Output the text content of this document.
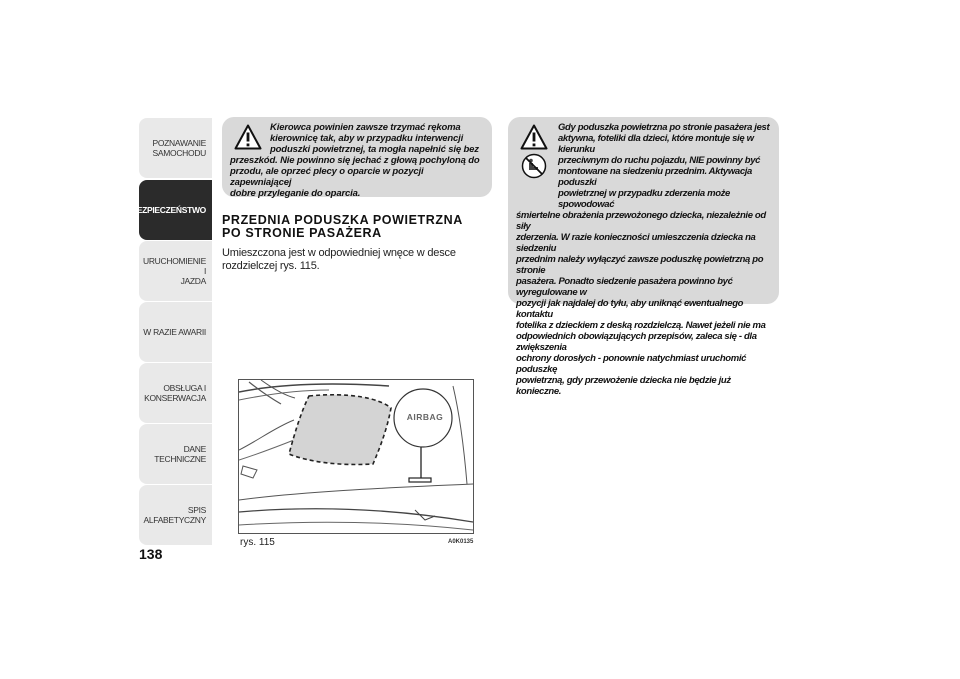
POZNAWANIE
SAMOCHODU
BEZPIECZEŃSTWO
URUCHOMIENIE I
JAZDA
W RAZIE AWARII
OBSŁUGA I
KONSERWACJA
DANE TECHNICZNE
SPIS ALFABETYCZNY
138
Kierowca powinien zawsze trzymać rękoma
kierownicę tak, aby w przypadku interwencji
poduszki powietrznej, ta mogła napełnić się bez
przeszkód. Nie powinno się jechać z głową pochyloną do
przodu, ale oprzeć plecy o oparcie w pozycji zapewniającej
dobre przyleganie do oparcia.
PRZEDNIA PODUSZKA POWIETRZNA
PO STRONIE PASAŻERA
Umieszczona jest w odpowiedniej wnęce w desce rozdzielczej rys. 115.
AIRBAG
rys. 115	A0K0135
Gdy poduszka powietrzna po stronie pasażera jest
aktywna, foteliki dla dzieci, które montuje się w kierunku
przeciwnym do ruchu pojazdu, NIE powinny być
montowane na siedzeniu przednim. Aktywacja poduszki
powietrznej w przypadku zderzenia może spowodować
śmiertelne obrażenia przewożonego dziecka, niezależnie od siły
zderzenia. W razie konieczności umieszczenia dziecka na siedzeniu
przednim należy wyłączyć zawsze poduszkę powietrzną po stronie
pasażera. Ponadto siedzenie pasażera powinno być wyregulowane w
pozycji jak najdalej do tyłu, aby uniknąć ewentualnego kontaktu
fotelika z dzieckiem z deską rozdzielczą. Nawet jeżeli nie ma
odpowiednich obowiązujących przepisów, zaleca się - dla zwiększenia
ochrony dorosłych - ponownie natychmiast uruchomić poduszkę
powietrzną, gdy przewożenie dziecka nie będzie już konieczne.
